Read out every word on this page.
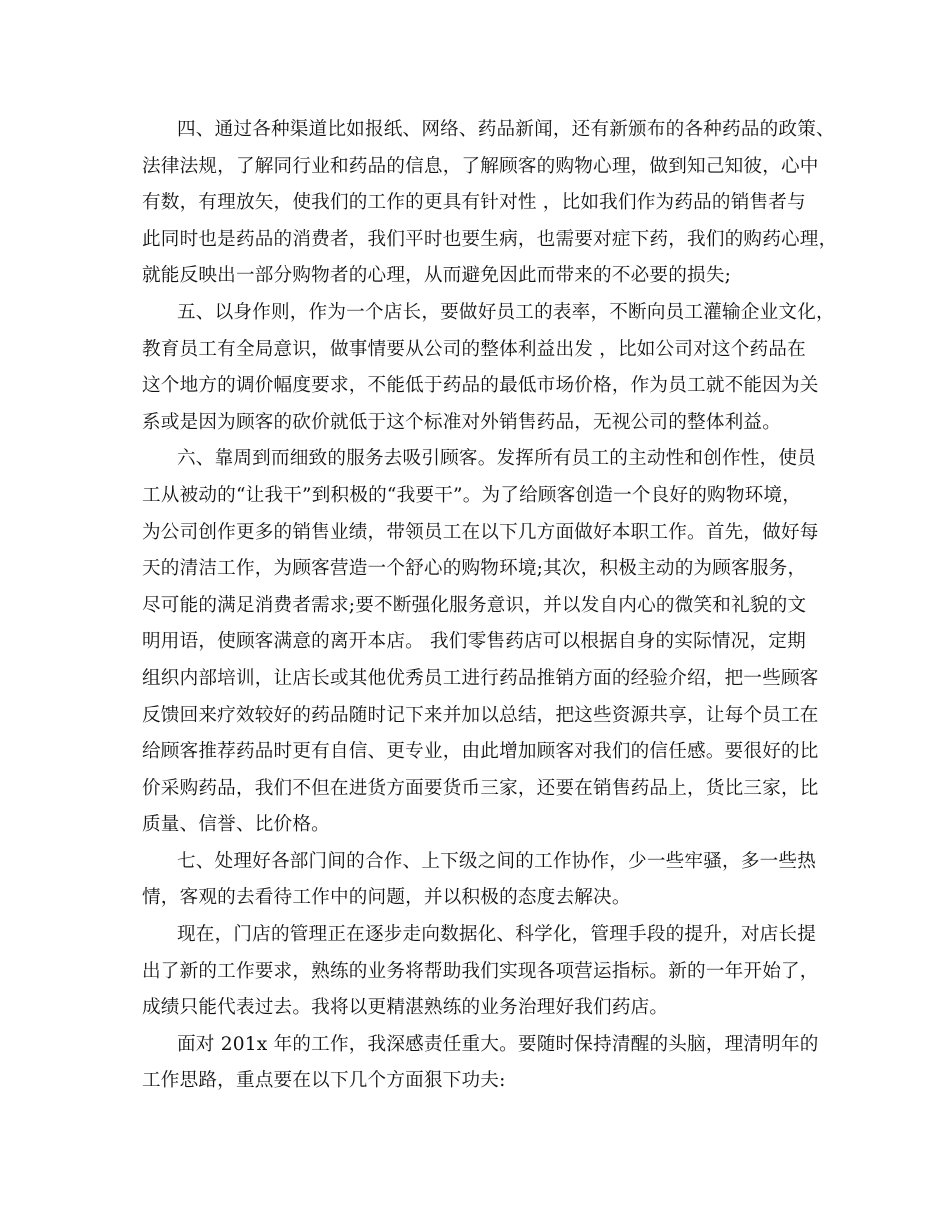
四、通过各种渠道比如报纸、网络、药品新闻，还有新颁布的各种药品的政策、

法律法规，了解同行业和药品的信息，了解顾客的购物心理，做到知己知彼，心中

有数，有理放矢，使我们的工作的更具有针对性 ，比如我们作为药品的销售者与

此同时也是药品的消费者，我们平时也要生病，也需要对症下药，我们的购药心理，

就能反映出一部分购物者的心理，从而避免因此而带来的不必要的损失;

五、以身作则，作为一个店长，要做好员工的表率，不断向员工灌输企业文化，

教育员工有全局意识，做事情要从公司的整体利益出发 ，比如公司对这个药品在

这个地方的调价幅度要求，不能低于药品的最低市场价格，作为员工就不能因为关

系或是因为顾客的砍价就低于这个标准对外销售药品，无视公司的整体利益。

六、靠周到而细致的服务去吸引顾客。发挥所有员工的主动性和创作性，使员

工从被动的“让我干”到积极的“我要干”。为了给顾客创造一个良好的购物环境，

为公司创作更多的销售业绩，带领员工在以下几方面做好本职工作。首先，做好每

天的清洁工作，为顾客营造一个舒心的购物环境;其次，积极主动的为顾客服务，

尽可能的满足消费者需求;要不断强化服务意识，并以发自内心的微笑和礼貌的文

明用语，使顾客满意的离开本店。 我们零售药店可以根据自身的实际情况，定期

组织内部培训，让店长或其他优秀员工进行药品推销方面的经验介绍，把一些顾客

反馈回来疗效较好的药品随时记下来并加以总结，把这些资源共享，让每个员工在

给顾客推荐药品时更有自信、更专业，由此增加顾客对我们的信任感。要很好的比

价采购药品，我们不但在进货方面要货币三家，还要在销售药品上，货比三家，比

质量、信誉、比价格。

七、处理好各部门间的合作、上下级之间的工作协作，少一些牢骚，多一些热

情，客观的去看待工作中的问题，并以积极的态度去解决。

现在，门店的管理正在逐步走向数据化、科学化，管理手段的提升，对店长提

出了新的工作要求，熟练的业务将帮助我们实现各项营运指标。新的一年开始了，

成绩只能代表过去。我将以更精湛熟练的业务治理好我们药店。

面对 201x 年的工作，我深感责任重大。要随时保持清醒的头脑，理清明年的

工作思路，重点要在以下几个方面狠下功夫:
